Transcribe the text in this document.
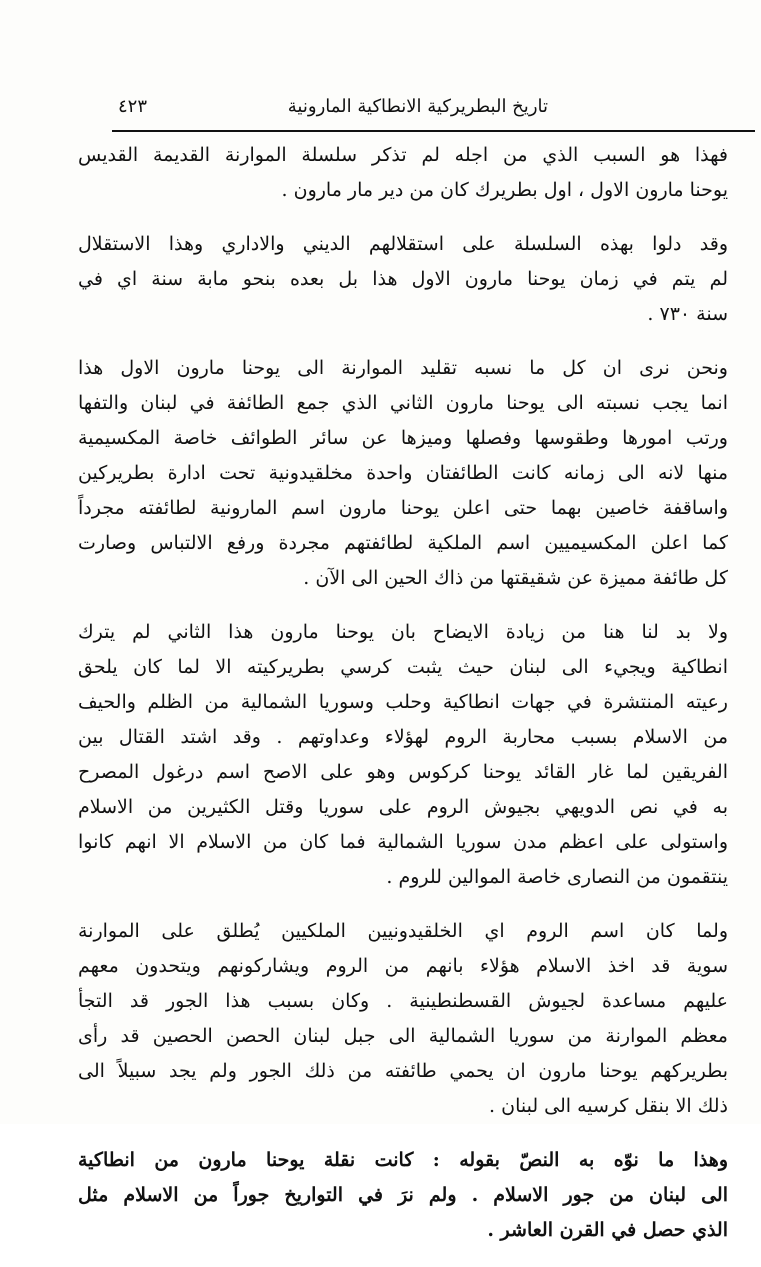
تاريخ البطريركية الانطاكية المارونية
٤٢٣
فهذا هو السبب الذي من اجله لم تذكر سلسلة الموارنة القديمة القديس
يوحنا مارون الاول ، اول بطريرك كان من دير مار مارون .
وقد دلوا بهذه السلسلة على استقلالهم الديني والاداري وهذا الاستقلال
لم يتم في زمان يوحنا مارون الاول هذا بل بعده بنحو مابة سنة اي في
سنة ٧٣٠ .
ونحن نرى ان كل ما نسبه تقليد الموارنة الى يوحنا مارون الاول هذا
انما يجب نسبته الى يوحنا مارون الثاني الذي جمع الطائفة في لبنان والتفها
ورتب امورها وطقوسها وفصلها وميزها عن سائر الطوائف خاصة المكسيمية
منها لانه الى زمانه كانت الطائفتان واحدة مخلقيدونية تحت ادارة بطريركين
واساقفة خاصين بهما حتى اعلن يوحنا مارون اسم المارونية لطائفته مجرداً
كما اعلن المكسيميين اسم الملكية لطائفتهم مجردة ورفع الالتباس وصارت
كل طائفة مميزة عن شقيقتها من ذاك الحين الى الآن .
ولا بد لنا هنا من زيادة الايضاح بان يوحنا مارون هذا الثاني لم يترك
انطاكية ويجيء الى لبنان حيث يثبت كرسي بطريركيته الا لما كان يلحق
رعيته المنتشرة في جهات انطاكية وحلب وسوريا الشمالية من الظلم والحيف
من الاسلام بسبب محاربة الروم لهؤلاء وعداوتهم . وقد اشتد القتال بين
الفريقين لما غار القائد يوحنا كركوس وهو على الاصح اسم درغول المصرح
به في نص الدويهي بجيوش الروم على سوريا وقتل الكثيرين من الاسلام
واستولى على اعظم مدن سوريا الشمالية فما كان من الاسلام الا انهم كانوا
ينتقمون من النصارى خاصة الموالين للروم .
ولما كان اسم الروم اي الخلقيدونيين الملكيين يُطلق على الموارنة
سوية قد اخذ الاسلام هؤلاء بانهم من الروم ويشاركونهم ويتحدون معهم
عليهم مساعدة لجيوش القسطنطينية . وكان بسبب هذا الجور قد التجأ
معظم الموارنة من سوريا الشمالية الى جبل لبنان الحصن الحصين قد رأى
بطريركهم يوحنا مارون ان يحمي طائفته من ذلك الجور ولم يجد سبيلاً الى
ذلك الا بنقل كرسيه الى لبنان .
وهذا ما نوّه به النصّ بقوله : كانت نقلة يوحنا مارون من انطاكية
الى لبنان من جور الاسلام . ولم نرَ في التواريخ جوراً من الاسلام مثل
الذي حصل في القرن العاشر .
